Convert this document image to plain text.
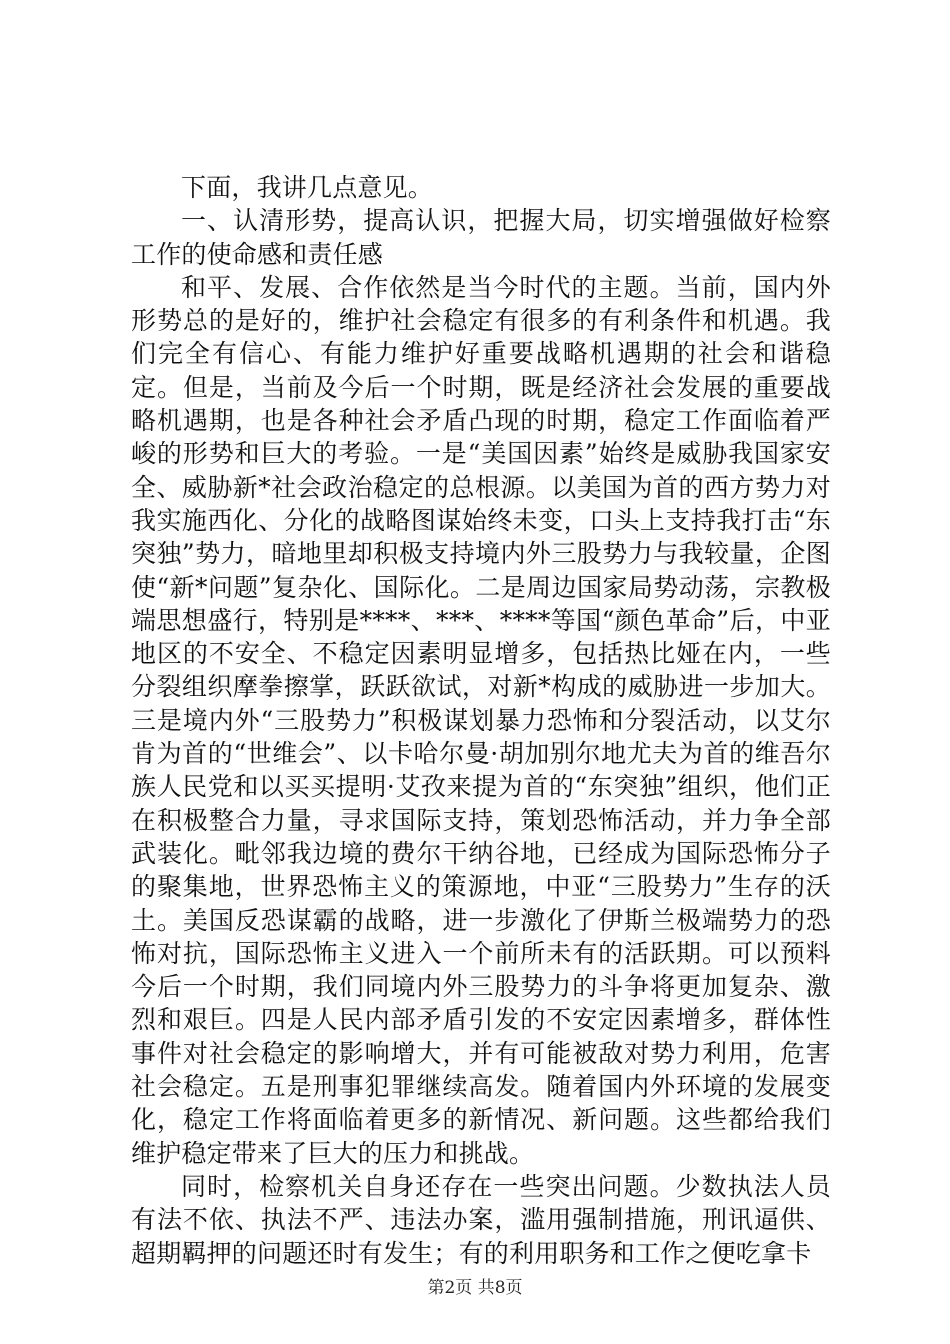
下面，我讲几点意见。

一、认清形势，提高认识，把握大局，切实增强做好检察工作的使命感和责任感

和平、发展、合作依然是当今时代的主题。当前，国内外形势总的是好的，维护社会稳定有很多的有利条件和机遇。我们完全有信心、有能力维护好重要战略机遇期的社会和谐稳定。但是，当前及今后一个时期，既是经济社会发展的重要战略机遇期，也是各种社会矛盾凸现的时期，稳定工作面临着严峻的形势和巨大的考验。一是“美国因素”始终是威胁我国家安全、威胁新*社会政治稳定的总根源。以美国为首的西方势力对我实施西化、分化的战略图谋始终未变，口头上支持我打击“东突独”势力，暗地里却积极支持境内外三股势力与我较量，企图使“新*问题”复杂化、国际化。二是周边国家局势动荡，宗教极端思想盛行，特别是****、***、****等国“颜色革命”后，中亚地区的不安全、不稳定因素明显增多，包括热比娅在内，一些分裂组织摩拳擦掌，跃跃欲试，对新*构成的威胁进一步加大。三是境内外“三股势力”积极谋划暴力恐怖和分裂活动，以艾尔肯为首的“世维会”、以卡哈尔曼·胡加别尔地尤夫为首的维吾尔族人民党和以买买提明·艾孜来提为首的“东突独”组织，他们正在积极整合力量，寻求国际支持，策划恐怖活动，并力争全部武装化。毗邻我边境的费尔干纳谷地，已经成为国际恐怖分子的聚集地，世界恐怖主义的策源地，中亚“三股势力”生存的沃土。美国反恐谋霸的战略，进一步激化了伊斯兰极端势力的恐怖对抗，国际恐怖主义进入一个前所未有的活跃期。可以预料今后一个时期，我们同境内外三股势力的斗争将更加复杂、激烈和艰巨。四是人民内部矛盾引发的不安定因素增多，群体性事件对社会稳定的影响增大，并有可能被敌对势力利用，危害社会稳定。五是刑事犯罪继续高发。随着国内外环境的发展变化，稳定工作将面临着更多的新情况、新问题。这些都给我们维护稳定带来了巨大的压力和挑战。

同时，检察机关自身还存在一些突出问题。少数执法人员有法不依、执法不严、违法办案，滥用强制措施，刑讯逼供、超期羁押的问题还时有发生；有的利用职务和工作之便吃拿卡

第2页 共8页
